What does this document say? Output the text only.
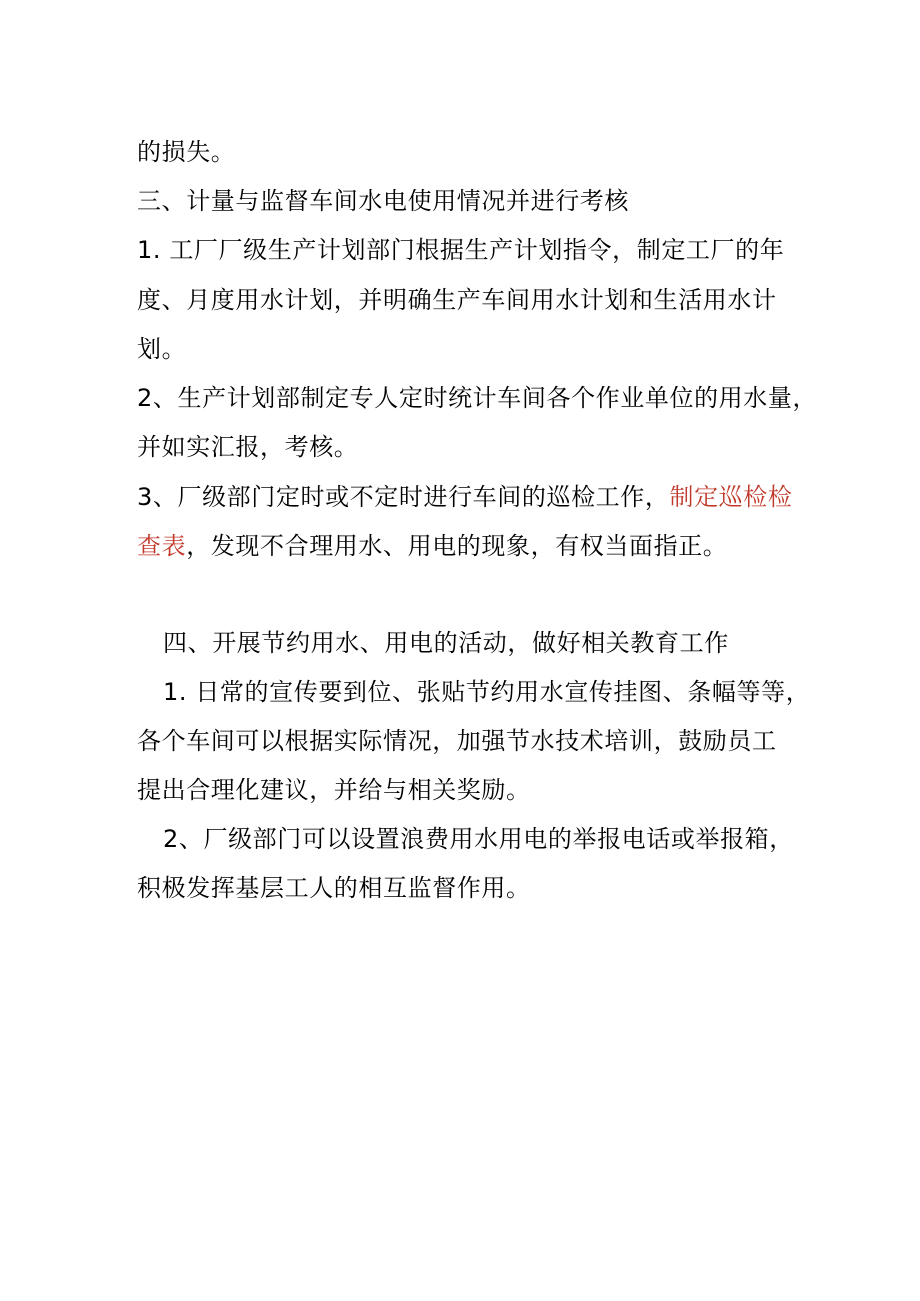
的损失。
三、计量与监督车间水电使用情况并进行考核
1. 工厂厂级生产计划部门根据生产计划指令，制定工厂的年
度、月度用水计划，并明确生产车间用水计划和生活用水计
划。
2、生产计划部制定专人定时统计车间各个作业单位的用水量，
并如实汇报，考核。
3、厂级部门定时或不定时进行车间的巡检工作，制定巡检检
查表，发现不合理用水、用电的现象，有权当面指正。
四、开展节约用水、用电的活动，做好相关教育工作
1. 日常的宣传要到位、张贴节约用水宣传挂图、条幅等等，
各个车间可以根据实际情况，加强节水技术培训，鼓励员工
提出合理化建议，并给与相关奖励。
2、厂级部门可以设置浪费用水用电的举报电话或举报箱，
积极发挥基层工人的相互监督作用。
